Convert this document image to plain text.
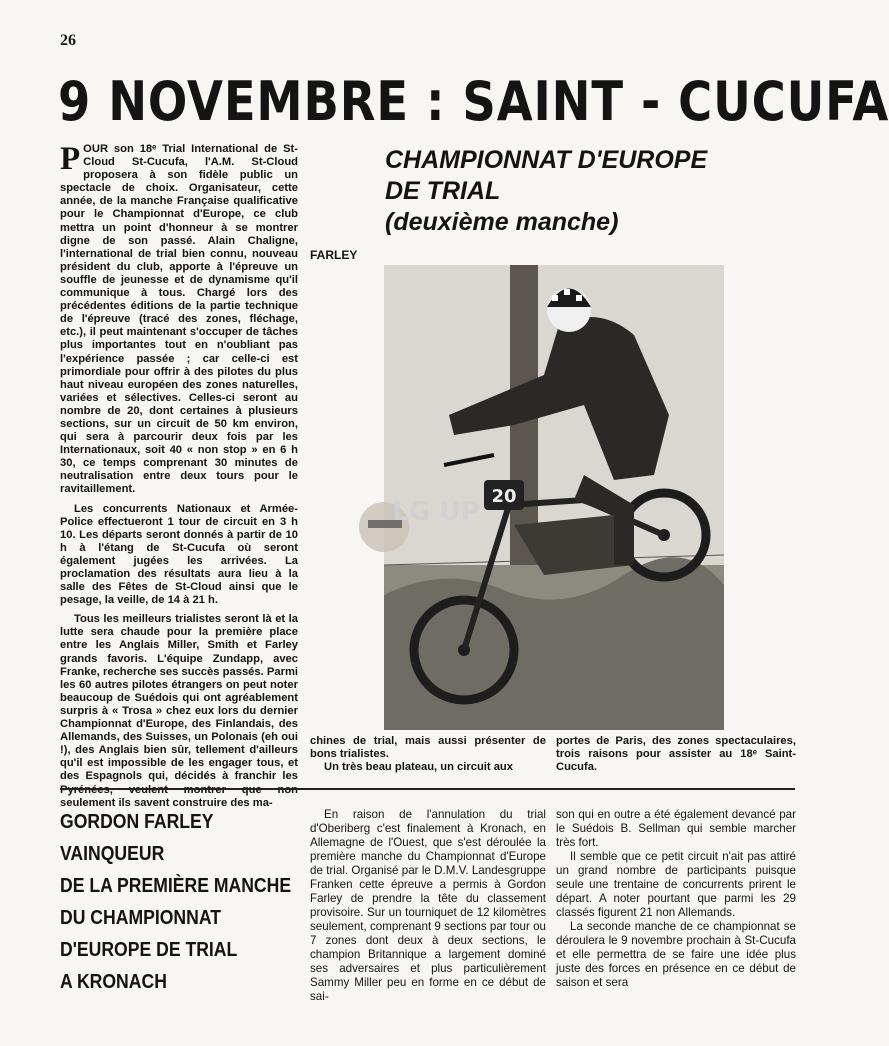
26
9 NOVEMBRE : SAINT - CUCUFA

POUR son 18ᵉ Trial International de St-Cloud St-Cucufa, l'A.M. St-Cloud proposera à son fidèle public un spectacle de choix. Organisateur, cette année, de la manche Française qualificative pour le Championnat d'Europe, ce club mettra un point d'honneur à se montrer digne de son passé. Alain Chaligne, l'international de trial bien connu, nouveau président du club, apporte à l'épreuve un souffle de jeunesse et de dynamisme qu'il communique à tous. Chargé lors des précédentes éditions de la partie technique de l'épreuve (tracé des zones, fléchage, etc.), il peut maintenant s'occuper de tâches plus importantes tout en n'oubliant pas l'expérience passée ; car celle-ci est primordiale pour offrir à des pilotes du plus haut niveau européen des zones naturelles, variées et sélectives. Celles-ci seront au nombre de 20, dont certaines à plusieurs sections, sur un circuit de 50 km environ, qui sera à parcourir deux fois par les Internationaux, soit 40 « non stop » en 6 h 30, ce temps comprenant 30 minutes de neutralisation entre deux tours pour le ravitaillement.

Les concurrents Nationaux et Armée-Police effectueront 1 tour de circuit en 3 h 10. Les départs seront donnés à partir de 10 h à l'étang de St-Cucufa où seront également jugées les arrivées. La proclamation des résultats aura lieu à la salle des Fêtes de St-Cloud ainsi que le pesage, la veille, de 14 à 21 h.

Tous les meilleurs trialistes seront là et la lutte sera chaude pour la première place entre les Anglais Miller, Smith et Farley grands favoris. L'équipe Zundapp, avec Franke, recherche ses succès passés. Parmi les 60 autres pilotes étrangers on peut noter beaucoup de Suédois qui ont agréablement surpris à « Trosa » chez eux lors du dernier Championnat d'Europe, des Finlandais, des Allemands, des Suisses, un Polonais (eh oui !), des Anglais bien sûr, tellement d'ailleurs qu'il est impossible de les engager tous, et des Espagnols qui, décidés à franchir les seulement ils savent construire des ma-

CHAMPIONNAT D'EUROPE
DE TRIAL
(deuxième manche)
FARLEY
20
LG UP

chines de trial, mais aussi présenter de bons trialistes.

Un très beau plateau, un circuit aux

portes de Paris, des zones spectaculaires, trois raisons pour assister au 18ᵉ Saint-Cucufa.

GORDON FARLEY
VAINQUEUR
DE LA PREMIÈRE MANCHE
DU CHAMPIONNAT
D'EUROPE DE TRIAL
A KRONACH

En raison de l'annulation du trial d'Oberiberg c'est finalement à Kronach, en Allemagne de l'Ouest, que s'est déroulée la première manche du Championnat d'Europe de trial. Organisé par le D.M.V. Landesgruppe Franken cette épreuve a permis à Gordon Farley de prendre la tête du classement provisoire. Sur un tourniquet de 12 kilomètres seulement, comprenant 9 sections par tour ou 7 zones dont deux à deux sections, le champion Britannique a largement dominé ses adversaires et plus particulièrement Sammy Miller peu en forme en ce début de sai-

son qui en outre a été également devancé par le Suédois B. Sellman qui semble marcher très fort.

Il semble que ce petit circuit n'ait pas attiré un grand nombre de participants puisque seule une trentaine de concurrents prirent le départ. A noter pourtant que parmi les 29 classés figurent 21 non Allemands.

La seconde manche de ce championnat se déroulera le 9 novembre prochain à St-Cucufa et elle permettra de se faire une idée plus juste des forces en présence en ce début de saison et sera
